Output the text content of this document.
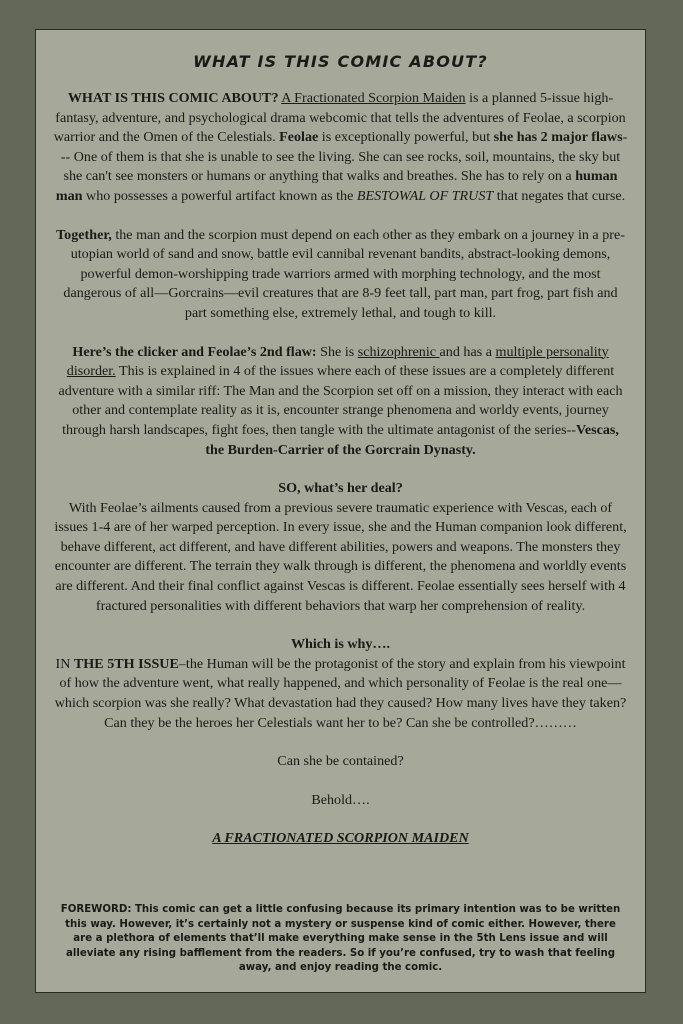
WHAT IS THIS COMIC ABOUT?
WHAT IS THIS COMIC ABOUT? A Fractionated Scorpion Maiden is a planned 5-issue high-fantasy, adventure, and psychological drama webcomic that tells the adventures of Feolae, a scorpion warrior and the Omen of the Celestials. Feolae is exceptionally powerful, but she has 2 major flaws--- One of them is that she is unable to see the living. She can see rocks, soil, mountains, the sky but she can't see monsters or humans or anything that walks and breathes. She has to rely on a human man who possesses a powerful artifact known as the BESTOWAL OF TRUST that negates that curse.
Together, the man and the scorpion must depend on each other as they embark on a journey in a pre-utopian world of sand and snow, battle evil cannibal revenant bandits, abstract-looking demons, powerful demon-worshipping trade warriors armed with morphing technology, and the most dangerous of all—Gorcrains—evil creatures that are 8-9 feet tall, part man, part frog, part fish and part something else, extremely lethal, and tough to kill.
Here’s the clicker and Feolae’s 2nd flaw: She is schizophrenic and has a multiple personality disorder. This is explained in 4 of the issues where each of these issues are a completely different adventure with a similar riff: The Man and the Scorpion set off on a mission, they interact with each other and contemplate reality as it is, encounter strange phenomena and worldy events, journey through harsh landscapes, fight foes, then tangle with the ultimate antagonist of the series--Vescas, the Burden-Carrier of the Gorcrain Dynasty.
SO, what’s her deal?
With Feolae’s ailments caused from a previous severe traumatic experience with Vescas, each of issues 1-4 are of her warped perception. In every issue, she and the Human companion look different, behave different, act different, and have different abilities, powers and weapons. The monsters they encounter are different. The terrain they walk through is different, the phenomena and worldly events are different. And their final conflict against Vescas is different. Feolae essentially sees herself with 4 fractured personalities with different behaviors that warp her comprehension of reality.
Which is why….
IN THE 5TH ISSUE–the Human will be the protagonist of the story and explain from his viewpoint of how the adventure went, what really happened, and which personality of Feolae is the real one—which scorpion was she really? What devastation had they caused? How many lives have they taken? Can they be the heroes her Celestials want her to be? Can she be controlled?………
Can she be contained?
Behold….
A FRACTIONATED SCORPION MAIDEN
FOREWORD: This comic can get a little confusing because its primary intention was to be written this way. However, it’s certainly not a mystery or suspense kind of comic either. However, there are a plethora of elements that’ll make everything make sense in the 5th Lens issue and will alleviate any rising bafflement from the readers. So if you’re confused, try to wash that feeling away, and enjoy reading the comic.
